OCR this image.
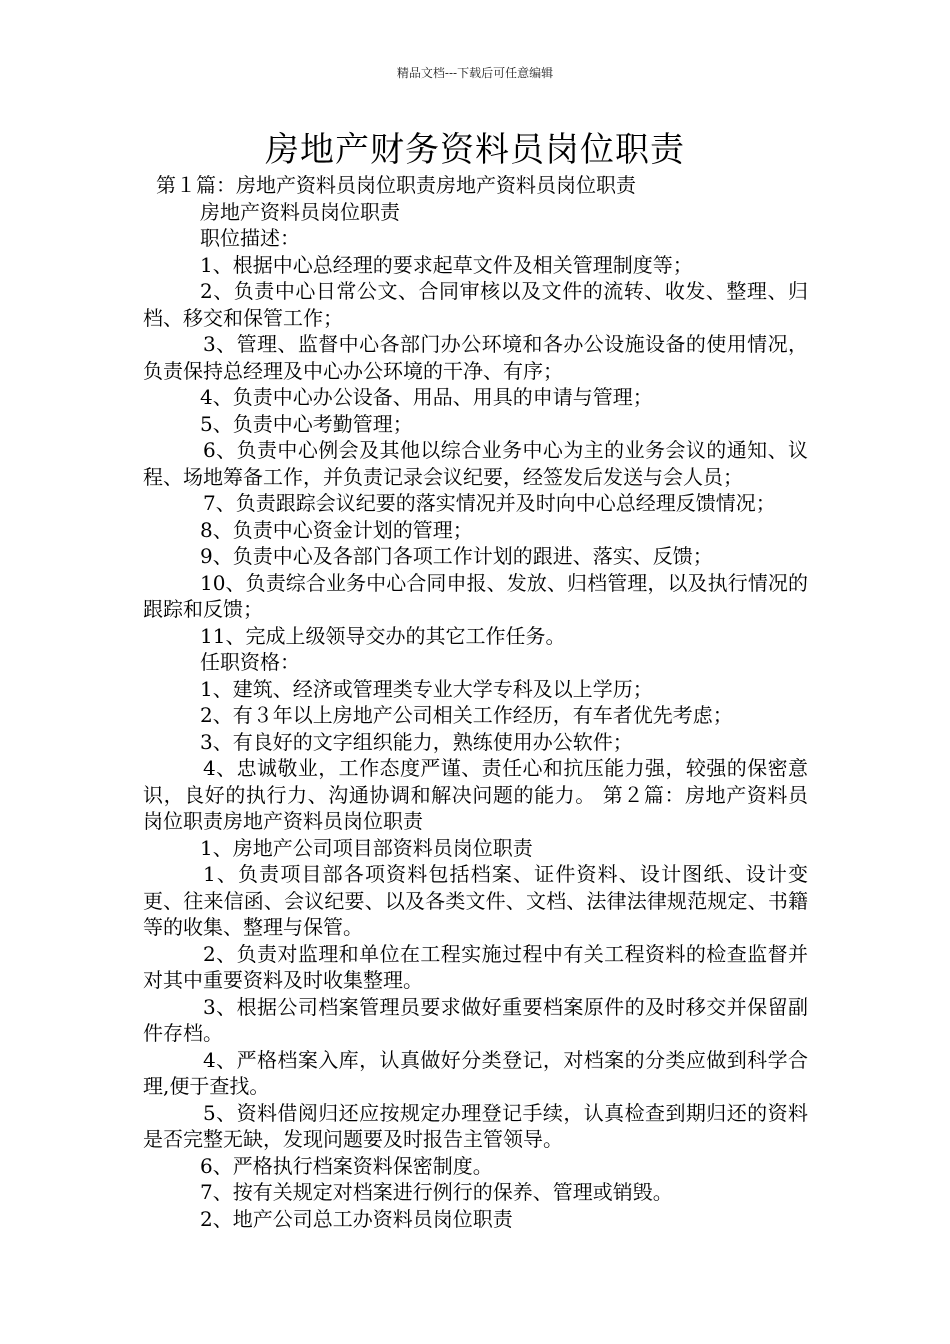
精品文档---下载后可任意编辑
房地产财务资料员岗位职责

第１篇：房地产资料员岗位职责房地产资料员岗位职责

房地产资料员岗位职责

职位描述：

1、根据中心总经理的要求起草文件及相关管理制度等；

2、负责中心日常公文、合同审核以及文件的流转、收发、整理、归档、移交和保管工作；

3、管理、监督中心各部门办公环境和各办公设施设备的使用情况，负责保持总经理及中心办公环境的干净、有序；

4、负责中心办公设备、用品、用具的申请与管理；

5、负责中心考勤管理；

6、负责中心例会及其他以综合业务中心为主的业务会议的通知、议程、场地筹备工作，并负责记录会议纪要，经签发后发送与会人员；

7、负责跟踪会议纪要的落实情况并及时向中心总经理反馈情况；

8、负责中心资金计划的管理；

9、负责中心及各部门各项工作计划的跟进、落实、反馈；

10、负责综合业务中心合同申报、发放、归档管理，以及执行情况的跟踪和反馈；

11、完成上级领导交办的其它工作任务。

任职资格：

1、建筑、经济或管理类专业大学专科及以上学历；

2、有３年以上房地产公司相关工作经历，有车者优先考虑；

3、有良好的文字组织能力，熟练使用办公软件；

4、忠诚敬业，工作态度严谨、责任心和抗压能力强，较强的保密意识，良好的执行力、沟通协调和解决问题的能力。 第２篇：房地产资料员岗位职责房地产资料员岗位职责

1、房地产公司项目部资料员岗位职责

1、负责项目部各项资料包括档案、证件资料、设计图纸、设计变更、往来信函、会议纪要、以及各类文件、文档、法律法律规范规定、书籍等的收集、整理与保管。

2、负责对监理和单位在工程实施过程中有关工程资料的检查监督并对其中重要资料及时收集整理。

3、根据公司档案管理员要求做好重要档案原件的及时移交并保留副件存档。

4、严格档案入库，认真做好分类登记，对档案的分类应做到科学合理,便于查找。

5、资料借阅归还应按规定办理登记手续，认真检查到期归还的资料是否完整无缺，发现问题要及时报告主管领导。

6、严格执行档案资料保密制度。

7、按有关规定对档案进行例行的保养、管理或销毁。

2、地产公司总工办资料员岗位职责
